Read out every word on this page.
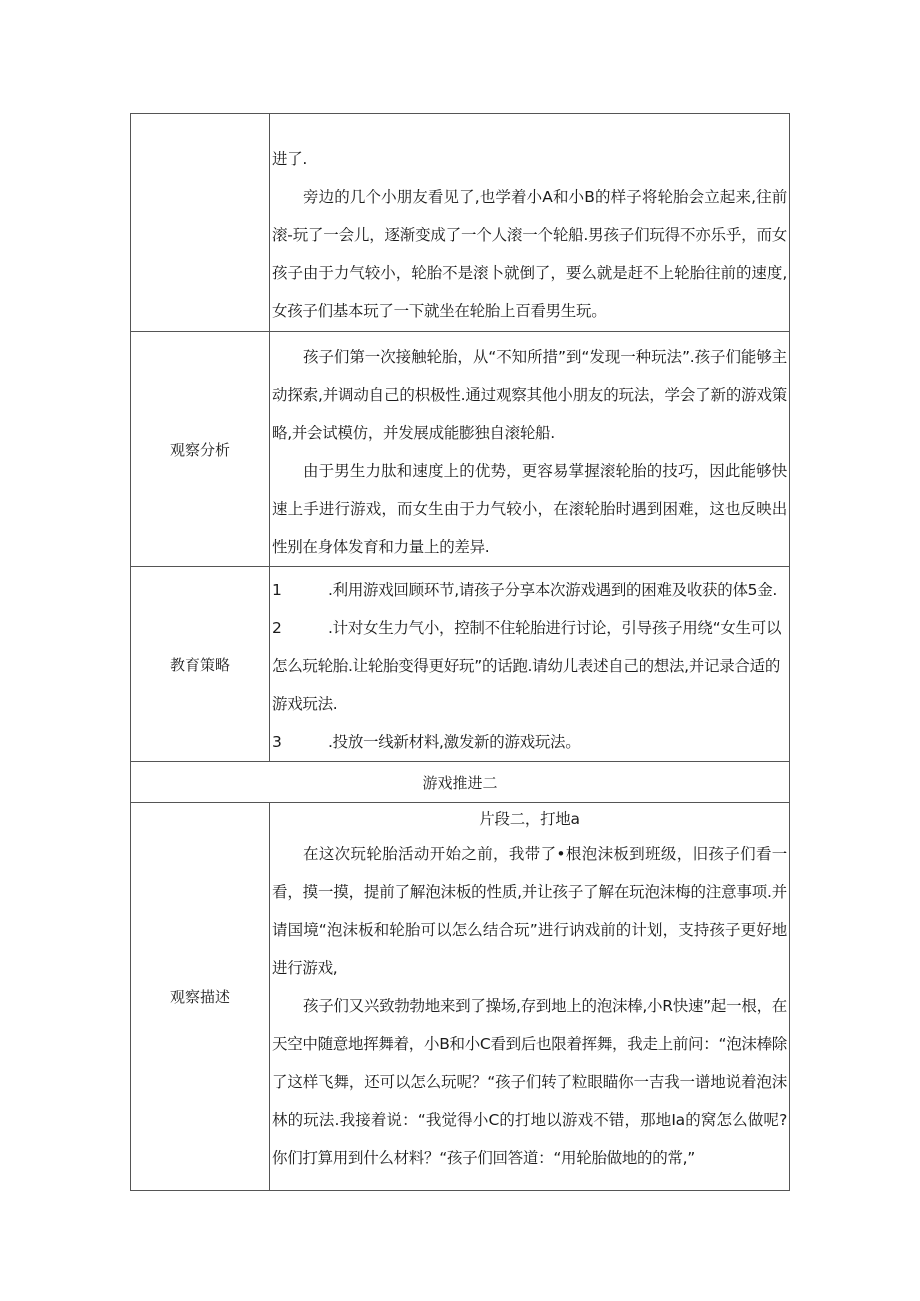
	进了.

旁边的几个小朋友看见了,也学着小A和小B的样子将轮胎会立起来,往前滚-玩了一会儿，逐渐变成了一个人滚一个轮船.男孩子们玩得不亦乐乎，而女孩子由于力气较小，轮胎不是滚卜就倒了，要么就是赶不上轮胎往前的速度,女孩子们基本玩了一下就坐在轮胎上百看男生玩。

观察分析	孩子们第一次接触轮胎，从“不知所措”到“发现一种玩法”.孩子们能够主动探索,并调动自己的枳极性.通过观察其他小朋友的玩法，学会了新的游戏策略,并会试模仿，并发展成能膨独自滚轮船.

由于男生力肽和速度上的优势，更容易掌握滚轮胎的技巧，因此能够快速上手进行游戏，而女生由于力气较小，在滚轮胎时遇到困难，这也反映出性别在身体发育和力量上的差异.

教育策略	1 .利用游戏回顾环节,请孩子分享本次游戏遇到的困难及收获的体5金.

2 .计对女生力气小，控制不住轮胎进行讨论，引导孩子用绕“女生可以怎么玩轮胎.让轮胎变得更好玩”的话跑.请幼儿表述自己的想法,并记录合适的游戏玩法.

3 .投放一线新材料,激发新的游戏玩法。

游戏推进二	
观察描述	片段二，打地a

在这次玩轮胎活动开始之前，我带了•根泡沫板到班级，旧孩子们看一看，摸一摸，提前了解泡沫板的性质,并让孩子了解在玩泡沫梅的注意事项.并请国境“泡沫板和轮胎可以怎么结合玩”进行讷戏前的计划，支持孩子更好地进行游戏,

孩子们又兴致勃勃地来到了操场,存到地上的泡沫棒,小R快速”起一根，在天空中随意地挥舞着，小B和小C看到后也限着挥舞，我走上前问：“泡沫棒除了这样飞舞，还可以怎么玩呢？“孩子们转了粒眼瞄你一吉我一谱地说着泡沫林的玩法.我接着说：“我觉得小C的打地以游戏不错，那地Ia的窝怎么做呢?你们打算用到什么材料？“孩子们回答道：“用轮胎做地的的常,”
